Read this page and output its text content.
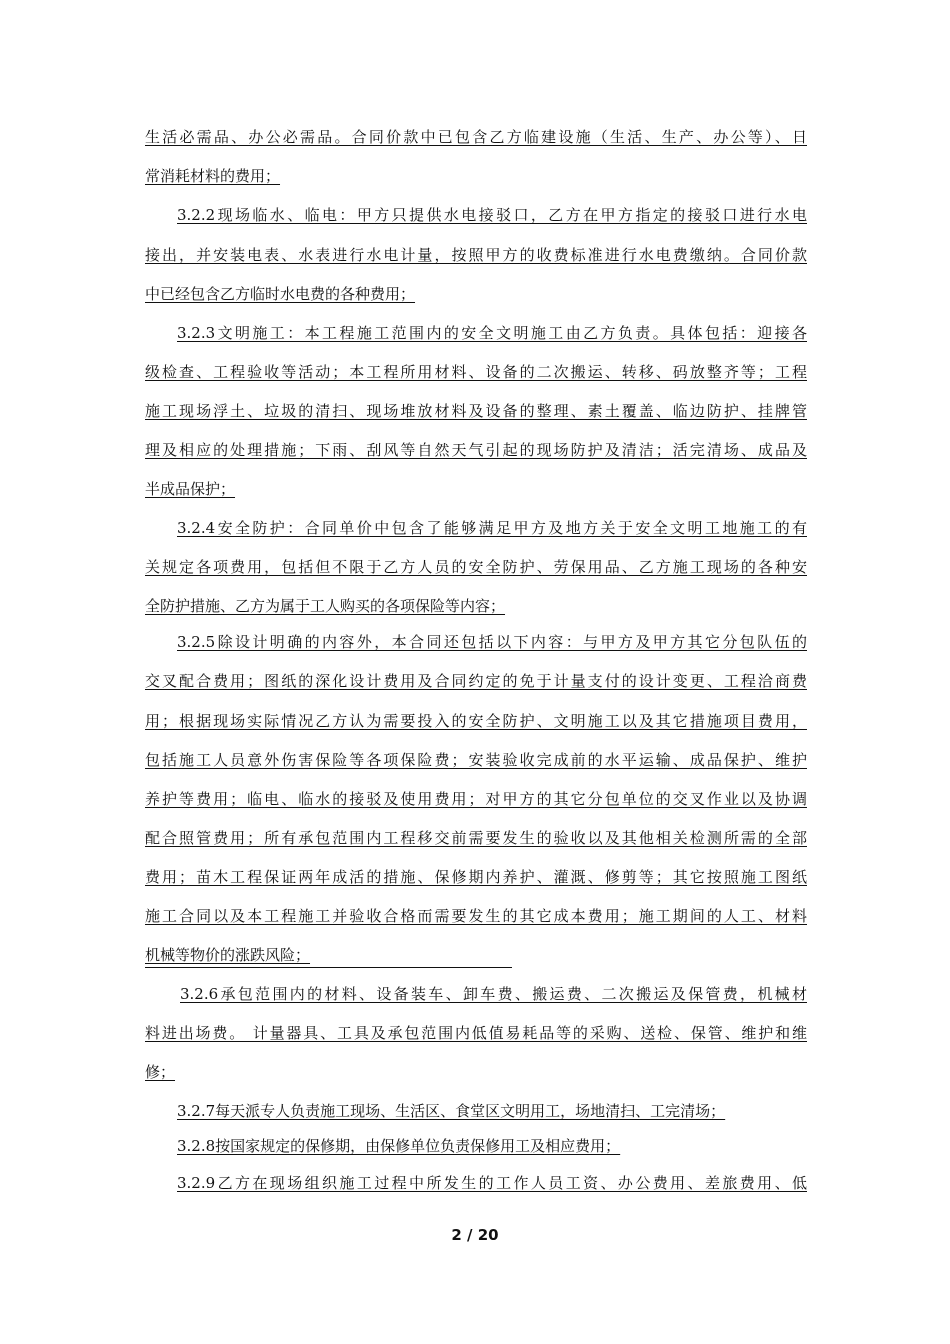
生活必需品、办公必需品。合同价款中已包含乙方临建设施（生活、生产、办公等）、日
常消耗材料的费用；
3.2.2现场临水、临电：甲方只提供水电接驳口，乙方在甲方指定的接驳口进行水电
接出，并安装电表、水表进行水电计量，按照甲方的收费标准进行水电费缴纳。合同价款
中已经包含乙方临时水电费的各种费用；
3.2.3文明施工：本工程施工范围内的安全文明施工由乙方负责。具体包括：迎接各
级检查、工程验收等活动；本工程所用材料、设备的二次搬运、转移、码放整齐等；工程
施工现场浮土、垃圾的清扫、现场堆放材料及设备的整理、素土覆盖、临边防护、挂牌管
理及相应的处理措施；下雨、刮风等自然天气引起的现场防护及清洁；活完清场、成品及
半成品保护；
3.2.4安全防护：合同单价中包含了能够满足甲方及地方关于安全文明工地施工的有
关规定各项费用，包括但不限于乙方人员的安全防护、劳保用品、乙方施工现场的各种安
全防护措施、乙方为属于工人购买的各项保险等内容；
3.2.5除设计明确的内容外，本合同还包括以下内容：与甲方及甲方其它分包队伍的
交叉配合费用；图纸的深化设计费用及合同约定的免于计量支付的设计变更、工程洽商费
用；根据现场实际情况乙方认为需要投入的安全防护、文明施工以及其它措施项目费用，
包括施工人员意外伤害保险等各项保险费；安装验收完成前的水平运输、成品保护、维护
养护等费用；临电、临水的接驳及使用费用；对甲方的其它分包单位的交叉作业以及协调
配合照管费用；所有承包范围内工程移交前需要发生的验收以及其他相关检测所需的全部
费用；苗木工程保证两年成活的措施、保修期内养护、灌溉、修剪等；其它按照施工图纸
施工合同以及本工程施工并验收合格而需要发生的其它成本费用；施工期间的人工、材料
机械等物价的涨跌风险；
3.2.6承包范围内的材料、设备装车、卸车费、搬运费、二次搬运及保管费，机械材
料进出场费。 计量器具、工具及承包范围内低值易耗品等的采购、送检、保管、维护和维
修；
3.2.7每天派专人负责施工现场、生活区、食堂区文明用工，场地清扫、工完清场；
3.2.8按国家规定的保修期，由保修单位负责保修用工及相应费用；
3.2.9乙方在现场组织施工过程中所发生的工作人员工资、办公费用、差旅费用、低
2 / 20
